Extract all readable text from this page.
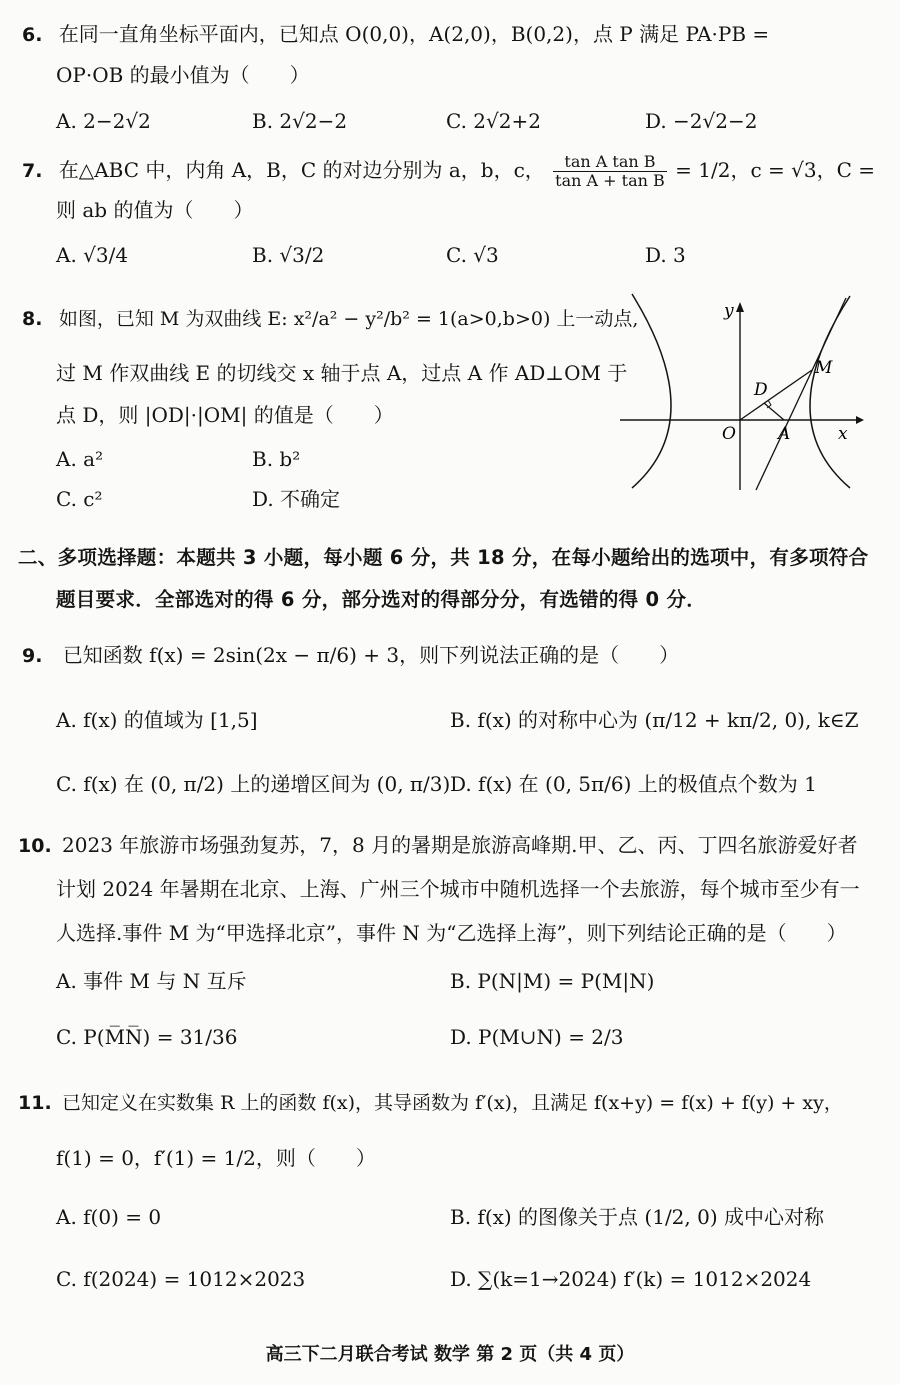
6. 在同一直角坐标平面内，已知点 O(0,0)，A(2,0)，B(0,2)，点 P 满足 PA·PB =
OP·OB 的最小值为（　　）
A. 2−2√2	B. 2√2−2	C. 2√2+2	D. −2√2−2
7. 在△ABC 中，内角 A，B，C 的对边分别为 a，b，c， $\frac{\text{tan A tan B}}{\text{tan A + tan B}} = 1/2$，c = √3，C =
则 ab 的值为（　　）
A. √3/4	B. √3/2	C. √3	D. 3
8. 如图，已知 M 为双曲线 E: x²/a² − y²/b² = 1(a>0,b>0) 上一动点,
过 M 作双曲线 E 的切线交 x 轴于点 A，过点 A 作 AD⊥OM 于
点 D，则 |OD|·|OM| 的值是（　　）
A. a²	B. b²
C. c²	D. 不确定
y
x
O A
D
M
二、多项选择题：本题共 3 小题，每小题 6 分，共 18 分，在每小题给出的选项中，有多项符合
题目要求．全部选对的得 6 分，部分选对的得部分分，有选错的得 0 分．
9. 已知函数 f(x) = 2sin(2x − π/6) + 3，则下列说法正确的是（　　）
A. f(x) 的值域为 [1,5]	B. f(x) 的对称中心为 (π/12 + kπ/2, 0), k∈Z
C. f(x) 在 (0, π/2) 上的递增区间为 (0, π/3) D. f(x) 在 (0, 5π/6) 上的极值点个数为 1
10. 2023 年旅游市场强劲复苏，7，8 月的暑期是旅游高峰期.甲、乙、丙、丁四名旅游爱好者
计划 2024 年暑期在北京、上海、广州三个城市中随机选择一个去旅游，每个城市至少有一
人选择.事件 M 为“甲选择北京”，事件 N 为“乙选择上海”，则下列结论正确的是（　　）
A. 事件 M 与 N 互斥	B. P(N|M) = P(M|N)
C. P(M̅N̅) = 31/36	D. P(M∪N) = 2/3
11. 已知定义在实数集 R 上的函数 f(x)，其导函数为 f′(x)，且满足 f(x+y) = f(x) + f(y) + xy，
f(1) = 0，f′(1) = 1/2，则（　　）
A. f(0) = 0	B. f(x) 的图像关于点 (1/2, 0) 成中心对称
C. f(2024) = 1012×2023	D. ∑(k=1→2024) f′(k) = 1012×2024
高三下二月联合考试 数学 第 2 页（共 4 页）
